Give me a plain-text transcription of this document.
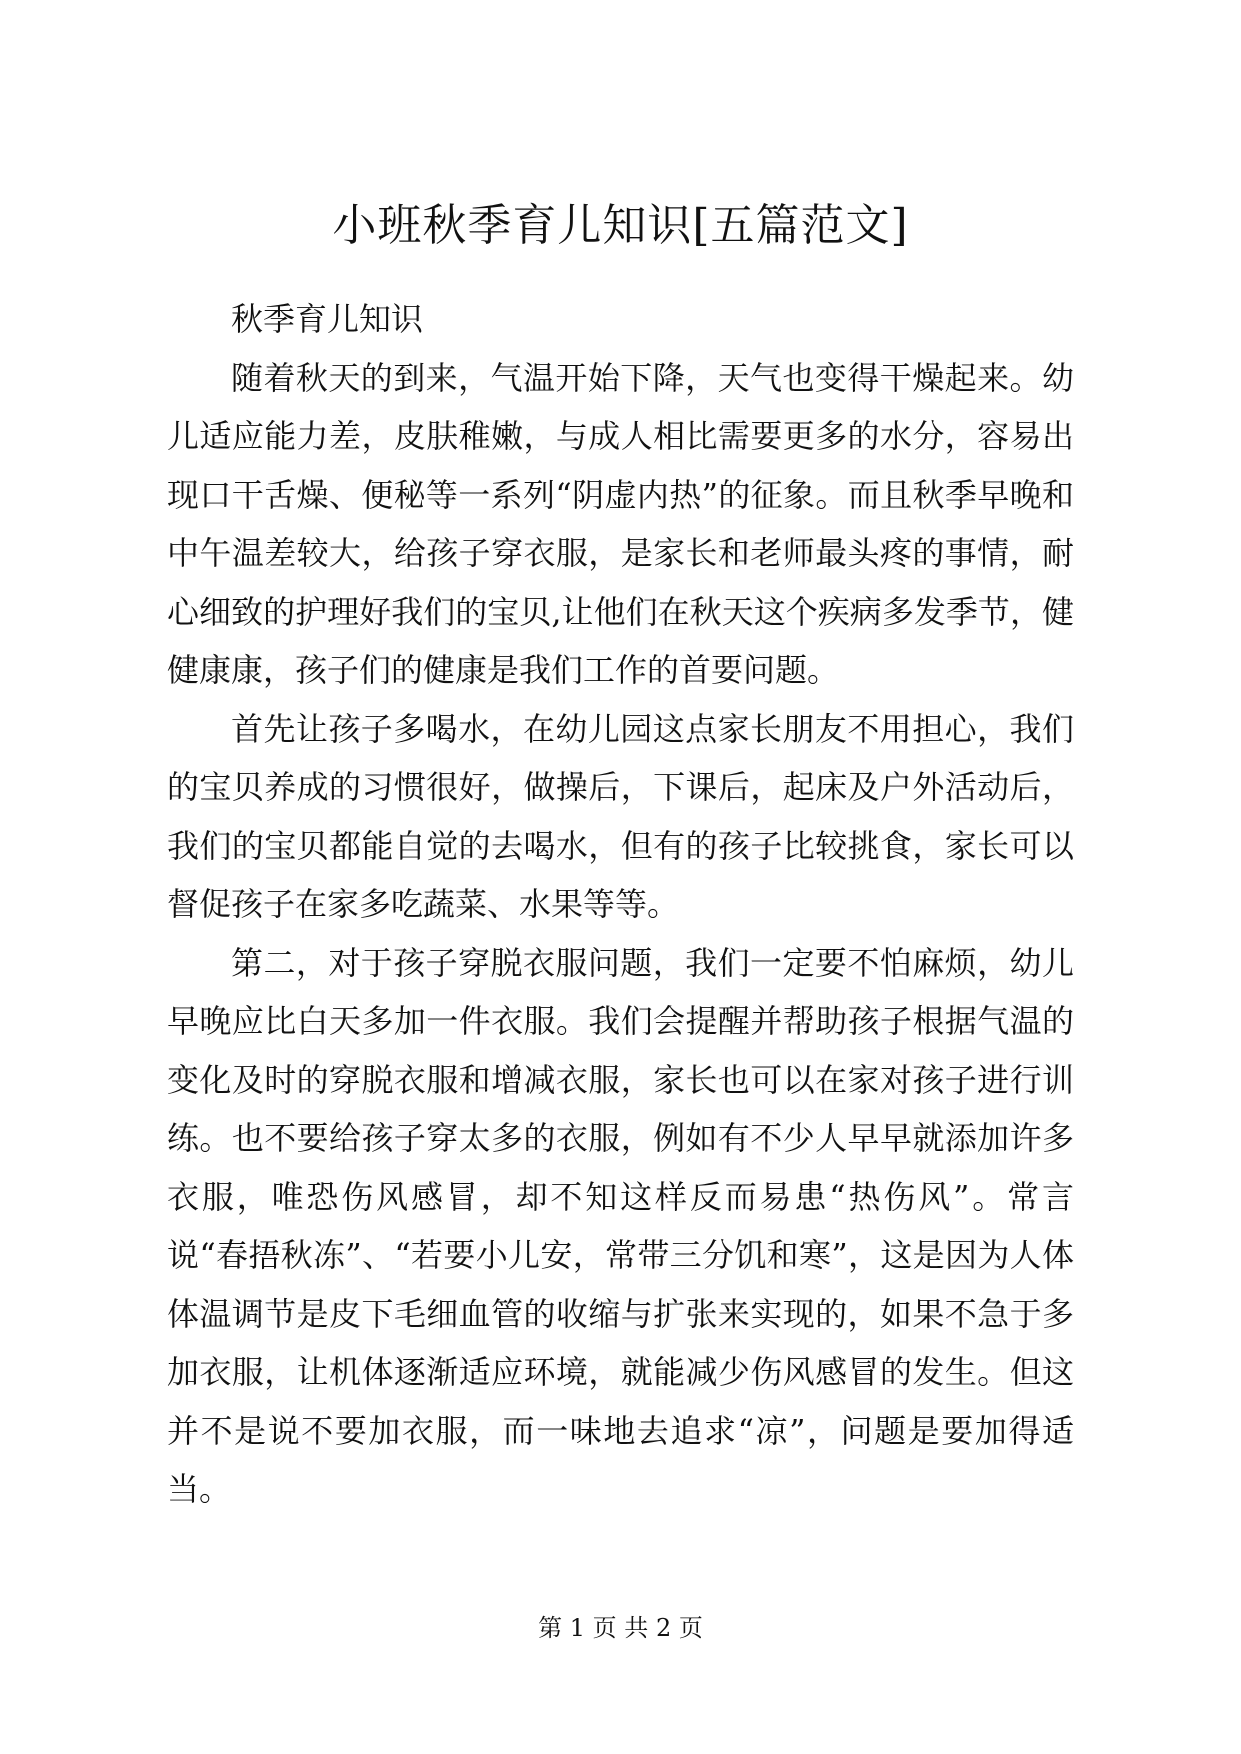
小班秋季育儿知识[五篇范文]

秋季育儿知识

随着秋天的到来，气温开始下降，天气也变得干燥起来。幼儿适应能力差，皮肤稚嫩，与成人相比需要更多的水分，容易出现口干舌燥、便秘等一系列“阴虚内热”的征象。而且秋季早晚和中午温差较大，给孩子穿衣服，是家长和老师最头疼的事情，耐心细致的护理好我们的宝贝,让他们在秋天这个疾病多发季节，健健康康，孩子们的健康是我们工作的首要问题。

首先让孩子多喝水，在幼儿园这点家长朋友不用担心，我们的宝贝养成的习惯很好，做操后，下课后，起床及户外活动后，我们的宝贝都能自觉的去喝水，但有的孩子比较挑食，家长可以督促孩子在家多吃蔬菜、水果等等。

第二，对于孩子穿脱衣服问题，我们一定要不怕麻烦，幼儿早晚应比白天多加一件衣服。我们会提醒并帮助孩子根据气温的变化及时的穿脱衣服和增减衣服，家长也可以在家对孩子进行训练。也不要给孩子穿太多的衣服，例如有不少人早早就添加许多衣服，唯恐伤风感冒，却不知这样反而易患“热伤风”。常言说“春捂秋冻”、“若要小儿安，常带三分饥和寒”，这是因为人体体温调节是皮下毛细血管的收缩与扩张来实现的，如果不急于多加衣服，让机体逐渐适应环境，就能减少伤风感冒的发生。但这并不是说不要加衣服，而一味地去追求“凉”，问题是要加得适当。

第 1 页 共 2 页
